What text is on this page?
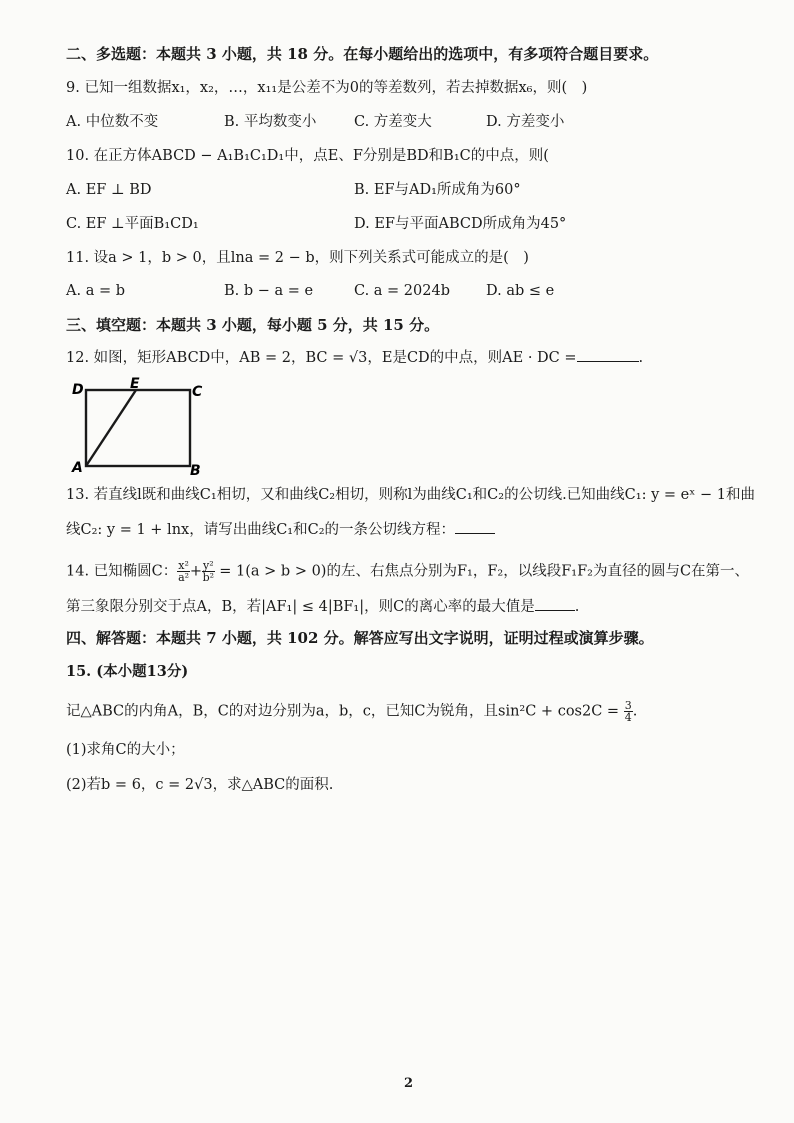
二、多选题：本题共 3 小题，共 18 分。在每小题给出的选项中，有多项符合题目要求。
9. 已知一组数据x₁，x₂，…，x₁₁是公差不为0的等差数列，若去掉数据x₆，则(　)
A. 中位数不变	B. 平均数变小	C. 方差变大	D. 方差变小
10. 在正方体ABCD − A₁B₁C₁D₁中，点E、F分别是BD和B₁C的中点，则(
A. EF ⊥ BD	B. EF与AD₁所成角为60°
C. EF ⊥平面B₁CD₁	D. EF与平面ABCD所成角为45°
11. 设a > 1，b > 0，且lna = 2 − b，则下列关系式可能成立的是(　)
A. a = b	B. b − a = e	C. a = 2024b D. ab ≤ e
三、填空题：本题共 3 小题，每小题 5 分，共 15 分。
12. 如图，矩形ABCD中，AB = 2，BC = √3，E是CD的中点，则AE · DC =	.
D	E	C
A	B
13. 若直线l既和曲线C₁相切，又和曲线C₂相切，则称l为曲线C₁和C₂的公切线.已知曲线C₁: y = eˣ − 1和曲
线C₂: y = 1 + lnx，请写出曲线C₁和C₂的一条公切线方程：
14. 已知椭圆C： $\frac{\text{x²}}{\text{a²}} + \frac{\text{y²}}{\text{b²}} = 1(a > b > 0)$的左、右焦点分别为F₁，F₂，以线段F₁F₂为直径的圆与C在第一、
第三象限分别交于点A，B，若|AF₁| ≤ 4|BF₁|，则C的离心率的最大值是	.
四、解答题：本题共 7 小题，共 102 分。解答应写出文字说明，证明过程或演算步骤。
15. (本小题13分)
记△ABC的内角A，B，C的对边分别为a，b，c，已知C为锐角，且$\sin^2C + \cos 2C = \frac{3}{4}$ .
(1)求角C的大小；
(2)若b = 6，c = 2√3，求△ABC的面积.
2
